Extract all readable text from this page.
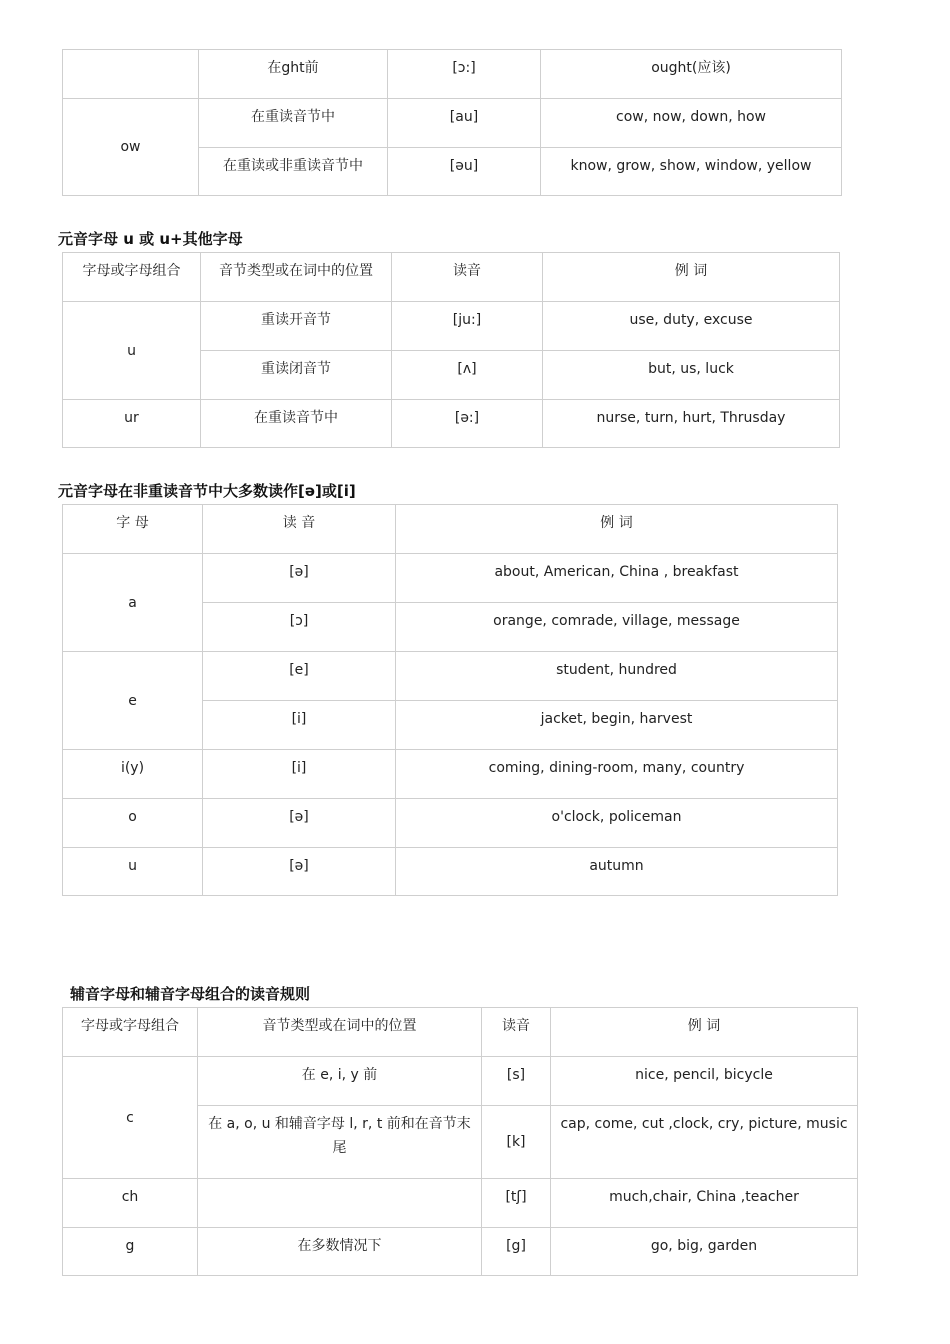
	在ght前	[ɔ:]	ought(应该)
ow	在重读音节中	[au]	cow, now, down, how
	在重读或非重读音节中	[əu]	know, grow, show, window, yellow
元音字母 u 或 u+其他字母
字母或字母组合	音节类型或在词中的位置	读音	例 词
u	重读开音节	[ju:]	use, duty, excuse
	重读闭音节	[ʌ]	but, us, luck
ur	在重读音节中	[ə:]	nurse, turn, hurt, Thrusday
元音字母在非重读音节中大多数读作[ə]或[i]
字 母	读 音	例 词
a	[ə]	about, American, China , breakfast
	[ɔ]	orange, comrade, village, message
e	[e]	student, hundred
	[i]	jacket, begin, harvest
i(y)	[i]	coming, dining-room, many, country
o	[ə]	o'clock, policeman
u	[ə]	autumn
辅音字母和辅音字母组合的读音规则
字母或字母组合	音节类型或在词中的位置	读音	例 词
c	在 e, i, y 前	[s]	nice, pencil, bicycle
	在 a, o, u 和辅音字母 l, r, t 前和在音节末尾	[k]	cap, come, cut ,clock, cry, picture, music
ch		[tʃ]	much,chair, China ,teacher
g	在多数情况下	[g]	go, big, garden
